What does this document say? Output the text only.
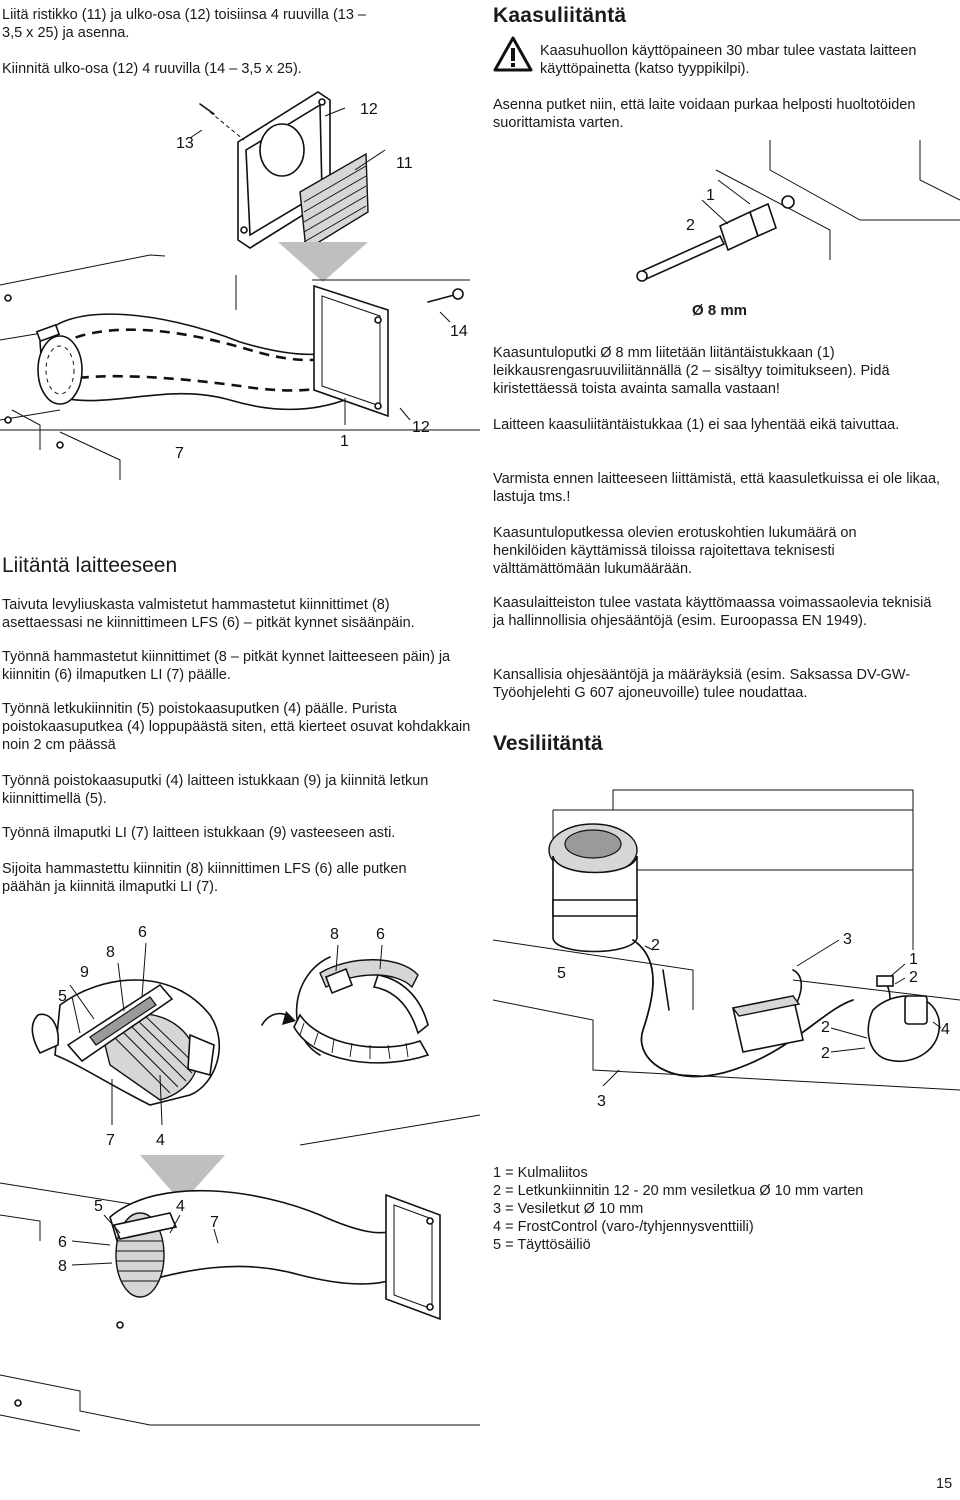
Liitä ristikko (11) ja ulko-osa (12) toisiinsa 4 ruuvilla (13 – 3,5 x 25) ja asenna.

Kiinnitä ulko-osa (12) 4 ruuvilla (14 – 3,5 x 25).

13
12
11
14
7
1
12
Kaasuliitäntä

Kaasuhuollon käyttöpaineen 30 mbar tulee vastata laitteen käyttöpainetta (katso tyyppikilpi).

Asenna putket niin, että laite voidaan purkaa helposti huoltotöiden suorittamista varten.

2
1
Ø 8 mm

Kaasuntuloputki Ø 8 mm liitetään liitäntäistukkaan (1) leikkausrengasruuviliitännällä (2 – sisältyy toimitukseen). Pidä kiristettäessä toista avainta samalla vastaan!

Laitteen kaasuliitäntäistukkaa (1) ei saa lyhentää eikä taivuttaa.

Varmista ennen laitteeseen liittämistä, että kaasuletkuissa ei ole likaa, lastuja tms.!

Kaasuntuloputkessa olevien erotuskohtien lukumäärä on henkilöiden käyttämissä tiloissa rajoitettava teknisesti välttämättömään lukumäärään.

Kaasulaitteiston tulee vastata käyttömaassa voimassaolevia teknisiä ja hallinnollisia ohjesääntöjä (esim. Euroopassa EN 1949).

Kansallisia ohjesääntöjä ja määräyksiä (esim. Saksassa DV-GW-Työohjelehti G 607 ajoneuvoille) tulee noudattaa.

Liitäntä laitteeseen

Taivuta levyliuskasta valmistetut hammastetut kiinnittimet (8) asettaessasi ne kiinnittimeen LFS (6) – pitkät kynnet sisäänpäin.

Työnnä hammastetut kiinnittimet (8 – pitkät kynnet laitteeseen päin) ja kiinnitin (6) ilmaputken LI (7) päälle.

Työnnä letkukiinnitin (5) poistokaasuputken (4) päälle. Purista poistokaasuputkea (4) loppupäästä siten, että kierteet osuvat kohdakkain noin 2 cm päässä

Työnnä poistokaasuputki (4) laitteen istukkaan (9) ja kiinnitä letkun kiinnittimellä (5).

Työnnä ilmaputki LI (7) laitteen istukkaan (9) vasteeseen asti.

Sijoita hammastettu kiinnitin (8) kiinnittimen LFS (6) alle putken päähän ja kiinnitä ilmaputki LI (7).

9
8
6
5
7	4
8 6
5	4
7
6
8
Vesiliitäntä
2	3
1
2
5
2	4
2
3
1 = Kulmaliitos
2 = Letkunkiinnitin 12 - 20 mm vesiletkua Ø 10 mm varten
3 = Vesiletkut Ø 10 mm
4 = FrostControl (varo-/tyhjennysventtiili)
5 = Täyttösäiliö
15
